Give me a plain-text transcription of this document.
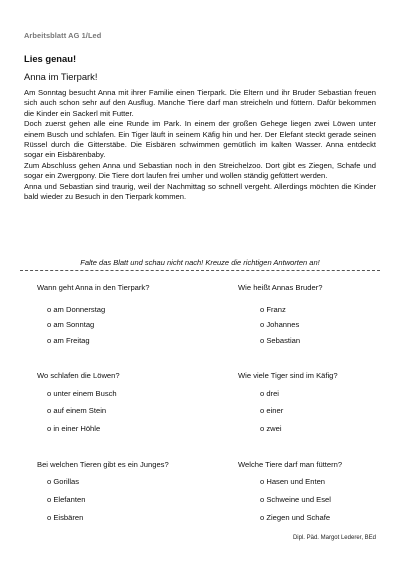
Arbeitsblatt AG 1/Led
Lies genau!
Anna im Tierpark!

Am Sonntag besucht Anna mit ihrer Familie einen Tierpark. Die Eltern und ihr Bruder Sebastian freuen sich auch schon sehr auf den Ausflug. Manche Tiere darf man streicheln und füttern. Dafür bekommen die Kinder ein Sackerl mit Futter.

Doch zuerst gehen alle eine Runde im Park. In einem der großen Gehege liegen zwei Löwen unter einem Busch und schlafen. Ein Tiger läuft in seinem Käfig hin und her. Der Elefant steckt gerade seinen Rüssel durch die Gitterstäbe. Die Eisbären schwimmen gemütlich im kalten Wasser. Anna entdeckt sogar ein Eisbärenbaby.

Zum Abschluss gehen Anna und Sebastian noch in den Streichelzoo. Dort gibt es Ziegen, Schafe und sogar ein Zwergpony. Die Tiere dort laufen frei umher und wollen ständig gefüttert werden.

Anna und Sebastian sind traurig, weil der Nachmittag so schnell vergeht. Allerdings möchten die Kinder bald wieder zu Besuch in den Tierpark kommen.

Falte das Blatt und schau nicht nach! Kreuze die richtigen Antworten an!
Wann geht Anna in den Tierpark?
o am Donnerstag
o am Sonntag
o am Freitag
Wie heißt Annas Bruder?
o Franz
o Johannes
o Sebastian
Wo schlafen die Löwen?
o unter einem Busch
o auf einem Stein
o in einer Höhle
Wie viele Tiger sind im Käfig?
o drei
o einer
o zwei
Bei welchen Tieren gibt es ein Junges?
o Gorillas
o Elefanten
o Eisbären
Welche Tiere darf man füttern?
o Hasen und Enten
o Schweine und Esel
o Ziegen und Schafe
Dipl. Päd. Margot Lederer, BEd
